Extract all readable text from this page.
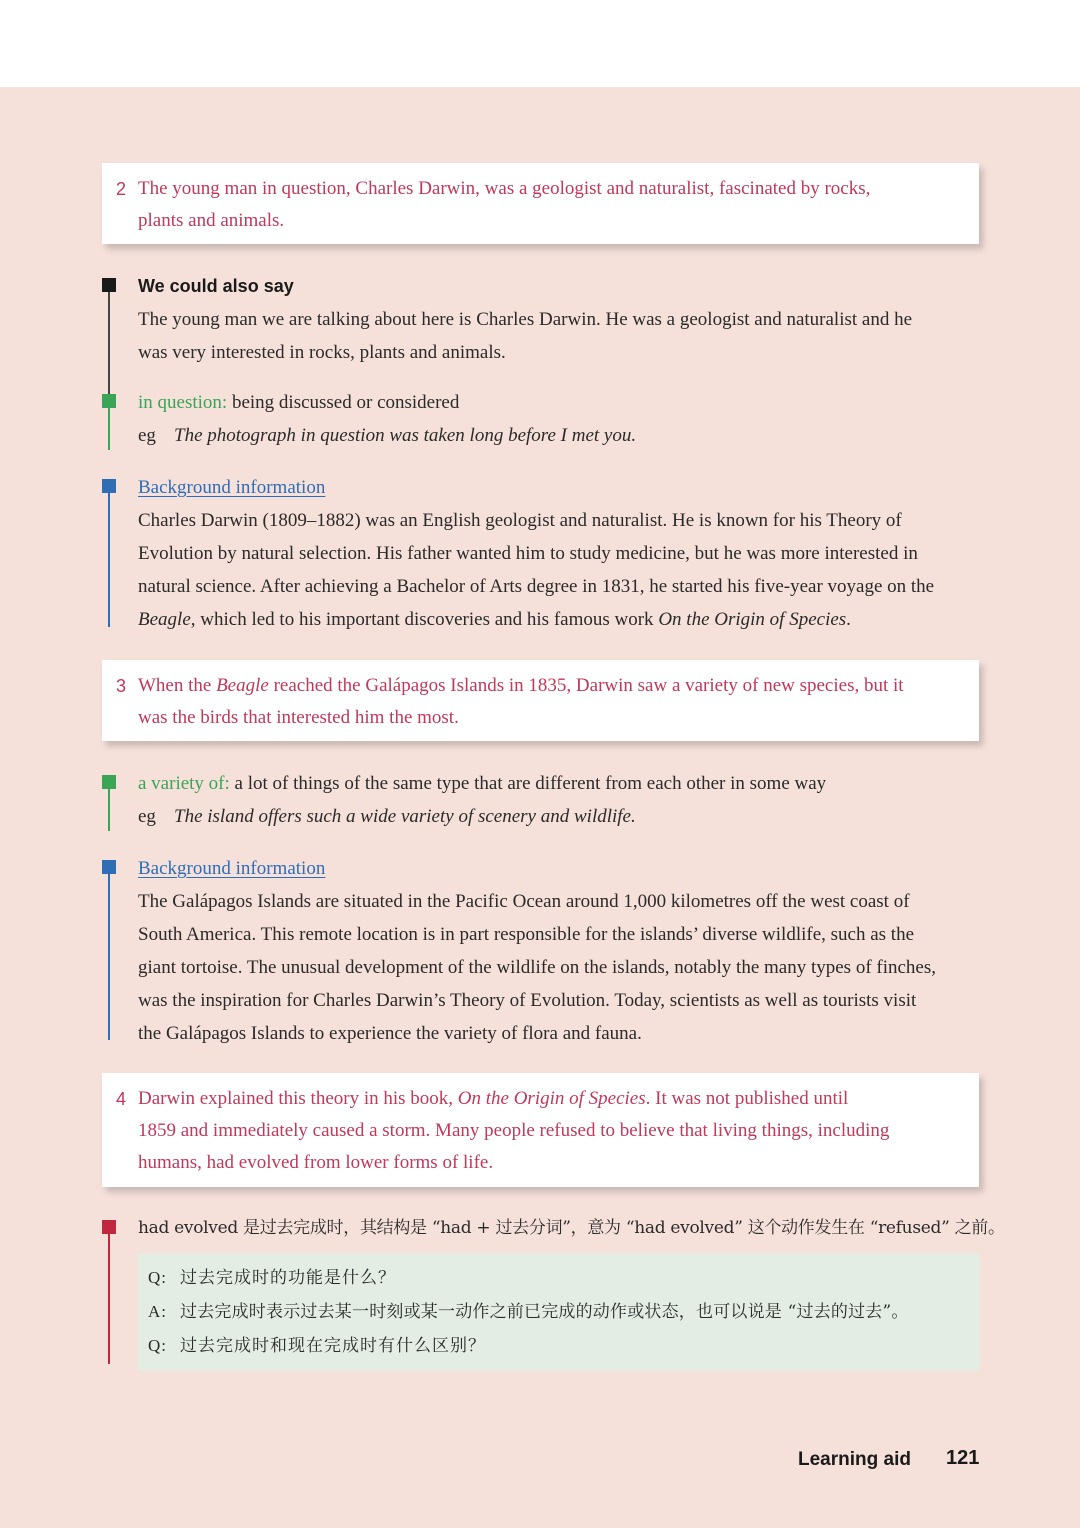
2 The young man in question, Charles Darwin, was a geologist and naturalist, fascinated by rocks,
plants and animals.
We could also say
The young man we are talking about here is Charles Darwin. He was a geologist and naturalist and he
was very interested in rocks, plants and animals.
in question: being discussed or considered
eg The photograph in question was taken long before I met you.
Background information
Charles Darwin (1809–1882) was an English geologist and naturalist. He is known for his Theory of
Evolution by natural selection. His father wanted him to study medicine, but he was more interested in
natural science. After achieving a Bachelor of Arts degree in 1831, he started his five-year voyage on the
Beagle, which led to his important discoveries and his famous work On the Origin of Species.
3 When the Beagle reached the Galápagos Islands in 1835, Darwin saw a variety of new species, but it
was the birds that interested him the most.
a variety of: a lot of things of the same type that are different from each other in some way
eg The island offers such a wide variety of scenery and wildlife.
Background information
The Galápagos Islands are situated in the Pacific Ocean around 1,000 kilometres off the west coast of
South America. This remote location is in part responsible for the islands’ diverse wildlife, such as the
giant tortoise. The unusual development of the wildlife on the islands, notably the many types of finches,
was the inspiration for Charles Darwin’s Theory of Evolution. Today, scientists as well as tourists visit
the Galápagos Islands to experience the variety of flora and fauna.
4 Darwin explained this theory in his book, On the Origin of Species. It was not published until
1859 and immediately caused a storm. Many people refused to believe that living things, including
humans, had evolved from lower forms of life.
had evolved 是过去完成时，其结构是 “had + 过去分词”，意为 “had evolved” 这个动作发生在 “refused” 之前。
Q: 过去完成时的功能是什么？
A: 过去完成时表示过去某一时刻或某一动作之前已完成的动作或状态，也可以说是 “过去的过去”。
Q: 过去完成时和现在完成时有什么区别？
Learning aid 121
